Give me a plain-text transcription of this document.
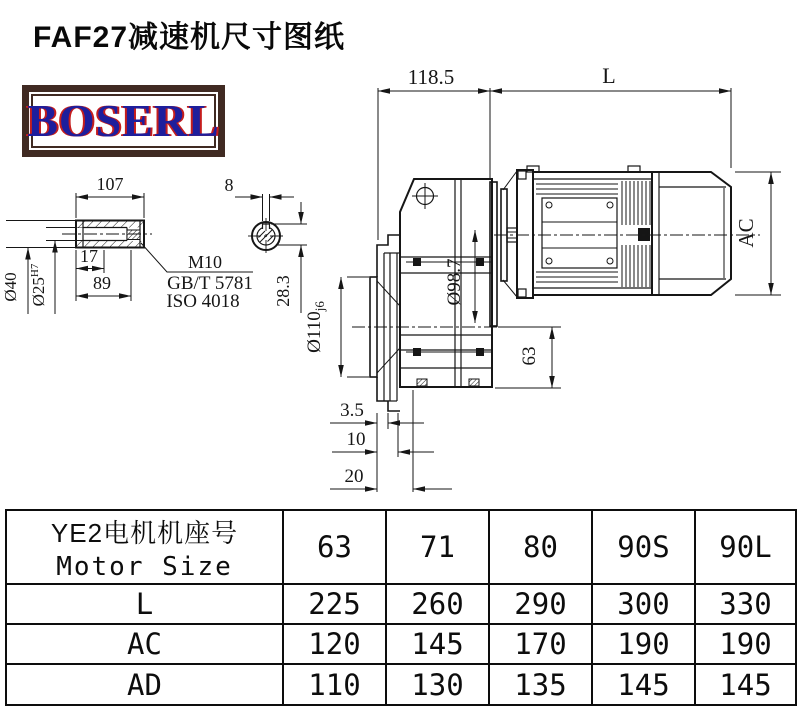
FAF27减速机尺寸图纸
BOSERL
107
17
89
Ø40 $Ø25^{H7}$	M10
GB/T 5781
ISO 4018
8
28.3
118.5	L
AC
$Ø110_{j6}$
Ø98.7
63
3.5
10
20
YE2电机机座号
Motor Size	63	71	80	90S	90L
L	225	260	290	300	330
AC	120	145	170	190	190
AD	110	130	135	145	145
